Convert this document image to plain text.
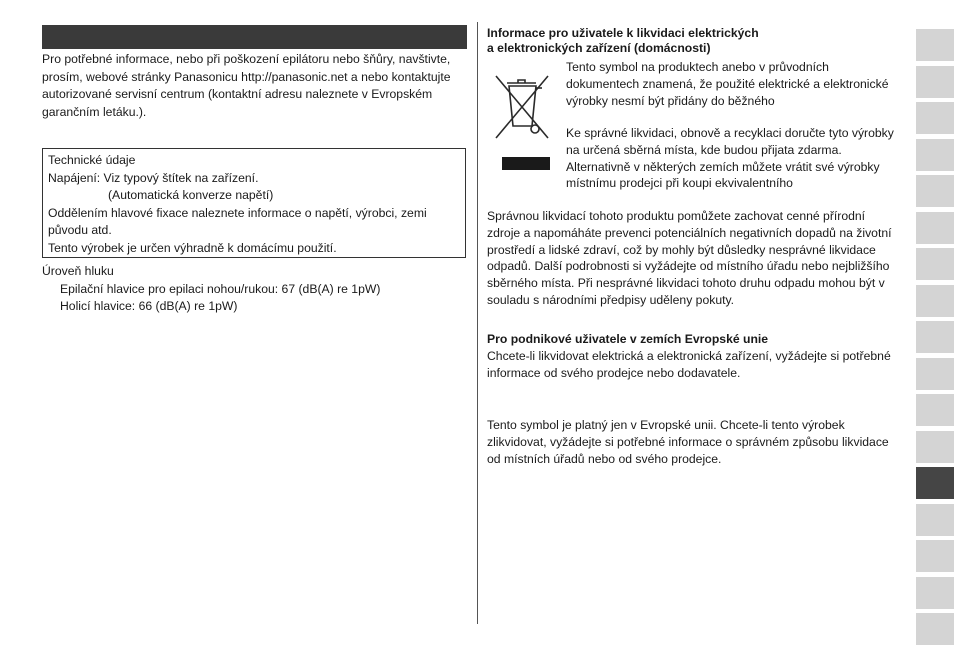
Pro potřebné informace, nebo při poškození epilátoru nebo šňůry, navštivte, prosím, webové stránky Panasonicu http://panasonic.net a nebo kontaktujte autorizované servisní centrum (kontaktní adresu naleznete v Evropském garančním letáku.).

Technické údaje

Napájení: Viz typový štítek na zařízení.

(Automatická konverze napětí)

Oddělením hlavové fixace naleznete informace o napětí, výrobci, zemi původu atd.

Tento výrobek je určen výhradně k domácímu použití.

Úroveň hluku

Epilační hlavice pro epilaci nohou/rukou: 67 (dB(A) re 1pW)

Holicí hlavice: 66 (dB(A) re 1pW)

Informace pro uživatele k likvidaci elektrických
a elektronických zařízení (domácnosti)

Tento symbol na produktech anebo v průvodních dokumentech znamená, že použité elektrické a elektronické výrobky nesmí být přidány do běžného

Ke správné likvidaci, obnově a recyklaci doručte tyto výrobky na určená sběrná místa, kde budou přijata zdarma. Alternativně v některých zemích můžete vrátit své výrobky místnímu prodejci při koupi ekvivalentního

Správnou likvidací tohoto produktu pomůžete zachovat cenné přírodní zdroje a napomáháte prevenci potenciálních negativních dopadů na životní prostředí a lidské zdraví, což by mohly být důsledky nesprávné likvidace odpadů. Další podrobnosti si vyžádejte od místního úřadu nebo nejbližšího sběrného místa. Při nesprávné likvidaci tohoto druhu odpadu mohou být v souladu s národními předpisy uděleny pokuty.

Pro podnikové uživatele v zemích Evropské unie

Chcete-li likvidovat elektrická a elektronická zařízení, vyžádejte si potřebné informace od svého prodejce nebo dodavatele.

Tento symbol je platný jen v Evropské unii. Chcete-li tento výrobek zlikvidovat, vyžádejte si potřebné informace o správném způsobu likvidace od místních úřadů nebo od svého prodejce.
